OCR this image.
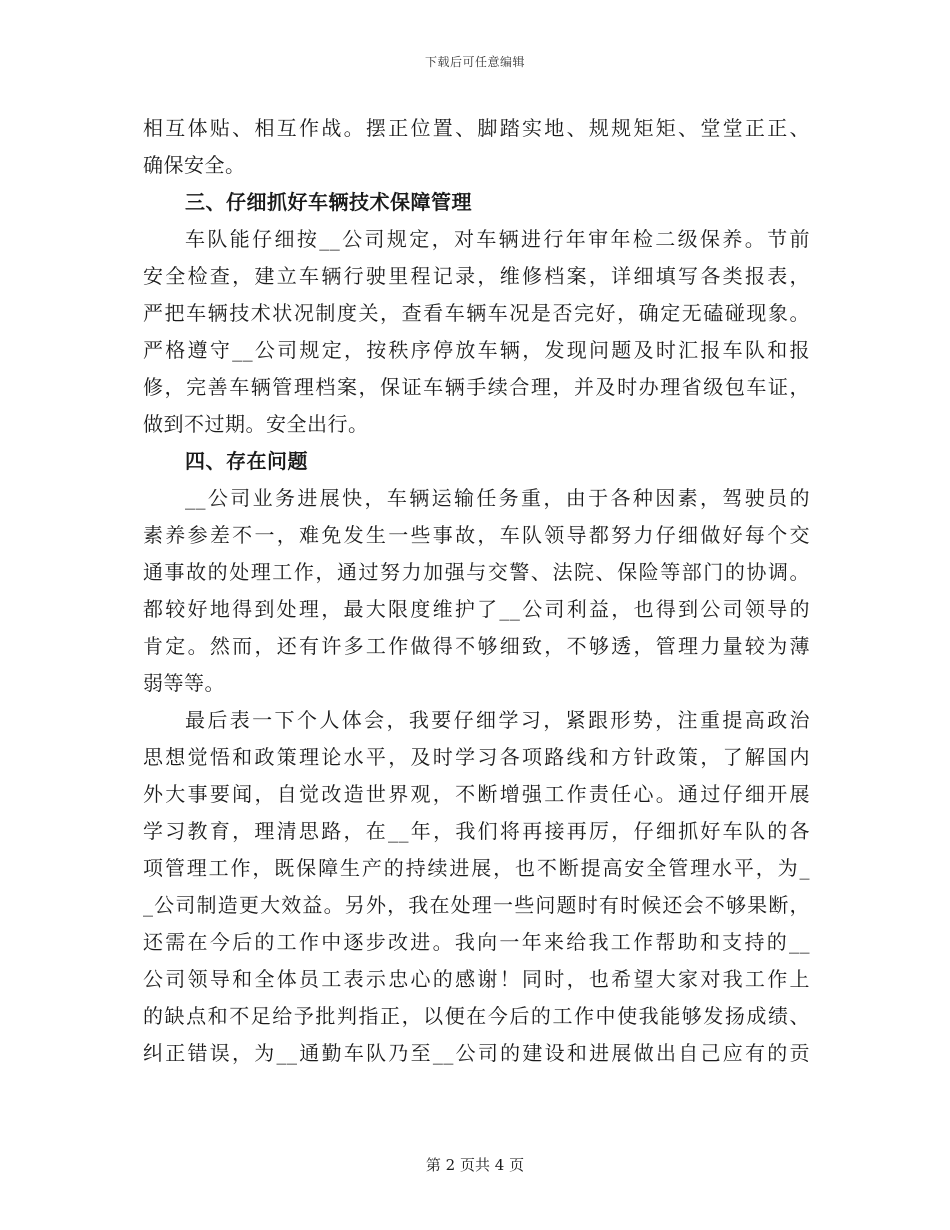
下载后可任意编辑
相互体贴、相互作战。摆正位置、脚踏实地、规规矩矩、堂堂正正、
确保安全。
三、仔细抓好车辆技术保障管理
车队能仔细按__公司规定，对车辆进行年审年检二级保养。节前
安全检查，建立车辆行驶里程记录，维修档案，详细填写各类报表，
严把车辆技术状况制度关，查看车辆车况是否完好，确定无磕碰现象。
严格遵守__公司规定，按秩序停放车辆，发现问题及时汇报车队和报
修，完善车辆管理档案，保证车辆手续合理，并及时办理省级包车证，
做到不过期。安全出行。
四、存在问题
__公司业务进展快，车辆运输任务重，由于各种因素，驾驶员的
素养参差不一，难免发生一些事故，车队领导都努力仔细做好每个交
通事故的处理工作，通过努力加强与交警、法院、保险等部门的协调。
都较好地得到处理，最大限度维护了__公司利益，也得到公司领导的
肯定。然而，还有许多工作做得不够细致，不够透，管理力量较为薄
弱等等。
最后表一下个人体会，我要仔细学习，紧跟形势，注重提高政治
思想觉悟和政策理论水平，及时学习各项路线和方针政策，了解国内
外大事要闻，自觉改造世界观，不断增强工作责任心。通过仔细开展
学习教育，理清思路，在__年，我们将再接再厉，仔细抓好车队的各
项管理工作，既保障生产的持续进展，也不断提高安全管理水平，为_
_公司制造更大效益。另外，我在处理一些问题时有时候还会不够果断，
还需在今后的工作中逐步改进。我向一年来给我工作帮助和支持的__
公司领导和全体员工表示忠心的感谢！同时，也希望大家对我工作上
的缺点和不足给予批判指正，以便在今后的工作中使我能够发扬成绩、
纠正错误，为__通勤车队乃至__公司的建设和进展做出自己应有的贡
第 2 页共 4 页
